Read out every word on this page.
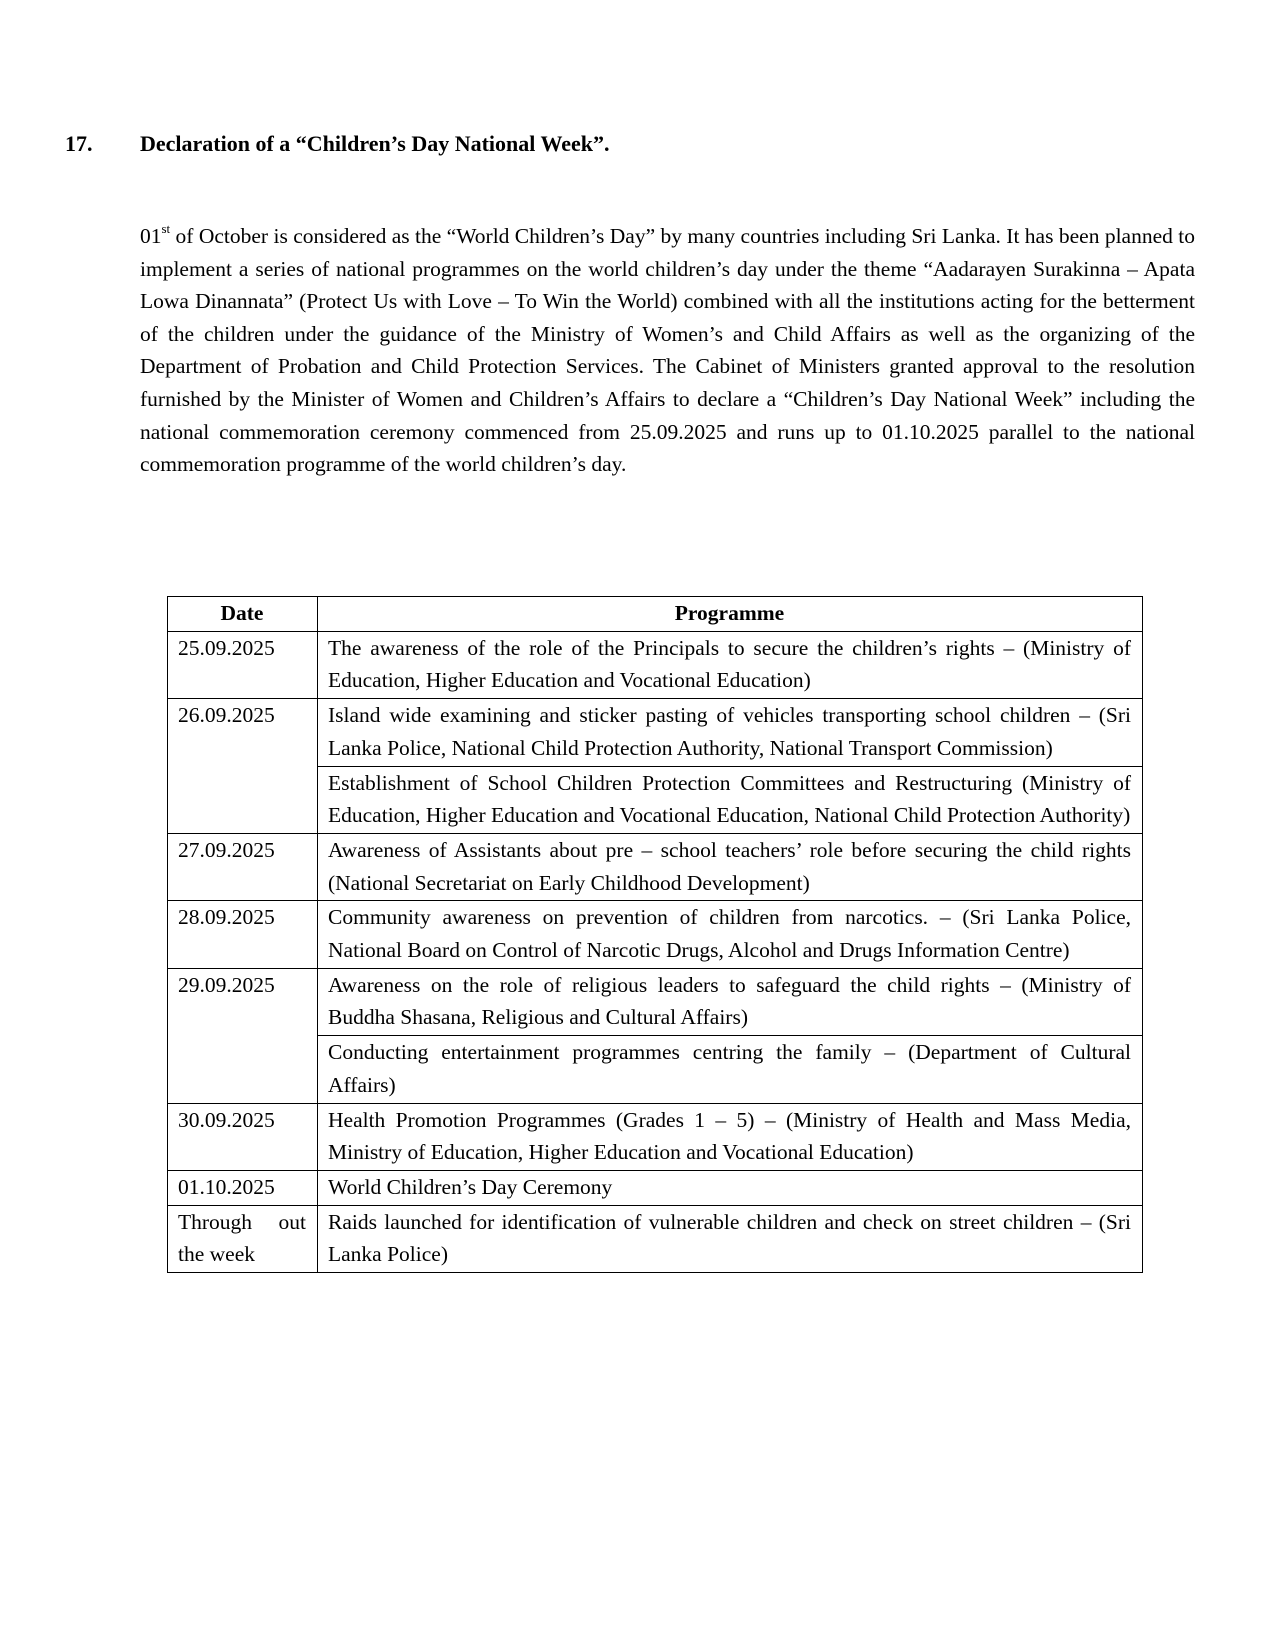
17. Declaration of a “Children’s Day National Week”.

01st of October is considered as the “World Children’s Day” by many countries including Sri Lanka. It has been planned to implement a series of national programmes on the world children’s day under the theme “Aadarayen Surakinna – Apata Lowa Dinannata” (Protect Us with Love – To Win the World) combined with all the institutions acting for the betterment of the children under the guidance of the Ministry of Women’s and Child Affairs as well as the organizing of the Department of Probation and Child Protection Services. The Cabinet of Ministers granted approval to the resolution furnished by the Minister of Women and Children’s Affairs to declare a “Children’s Day National Week” including the national commemoration ceremony commenced from 25.09.2025 and runs up to 01.10.2025 parallel to the national commemoration programme of the world children’s day.

Date	Programme
25.09.2025	The awareness of the role of the Principals to secure the children’s rights – (Ministry of Education, Higher Education and Vocational Education)
26.09.2025	Island wide examining and sticker pasting of vehicles transporting school children – (Sri Lanka Police, National Child Protection Authority, National Transport Commission)
	Establishment of School Children Protection Committees and Restructuring (Ministry of Education, Higher Education and Vocational Education, National Child Protection Authority)
27.09.2025	Awareness of Assistants about pre – school teachers’ role before securing the child rights (National Secretariat on Early Childhood Development)
28.09.2025	Community awareness on prevention of children from narcotics. – (Sri Lanka Police, National Board on Control of Narcotic Drugs, Alcohol and Drugs Information Centre)
29.09.2025	Awareness on the role of religious leaders to safeguard the child rights – (Ministry of Buddha Shasana, Religious and Cultural Affairs)
	Conducting entertainment programmes centring the family – (Department of Cultural Affairs)
30.09.2025	Health Promotion Programmes (Grades 1 – 5) – (Ministry of Health and Mass Media, Ministry of Education, Higher Education and Vocational Education)
01.10.2025	World Children’s Day Ceremony
Through out the week	Raids launched for identification of vulnerable children and check on street children – (Sri Lanka Police)
